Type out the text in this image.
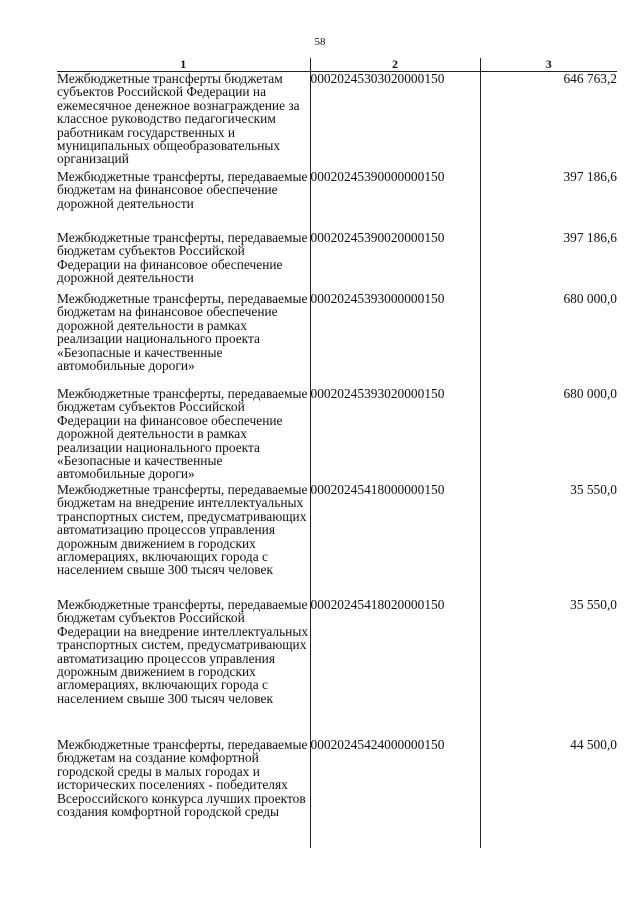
58
1	2	3
Межбюджетные трансферты бюджетам субъектов Российской Федерации на ежемесячное денежное вознаграждение за классное руководство педагогическим работникам государственных и муниципальных общеобразовательных организаций	00020245303020000150	646 763,2
Межбюджетные трансферты, передаваемые бюджетам на финансовое обеспечение дорожной деятельности	00020245390000000150	397 186,6
Межбюджетные трансферты, передаваемые бюджетам субъектов Российской Федерации на финансовое обеспечение дорожной деятельности	00020245390020000150	397 186,6
Межбюджетные трансферты, передаваемые бюджетам на финансовое обеспечение дорожной деятельности в рамках реализации национального проекта «Безопасные и качественные автомобильные дороги»	00020245393000000150	680 000,0
Межбюджетные трансферты, передаваемые бюджетам субъектов Российской Федерации на финансовое обеспечение дорожной деятельности в рамках реализации национального проекта «Безопасные и качественные автомобильные дороги»	00020245393020000150	680 000,0
Межбюджетные трансферты, передаваемые бюджетам на внедрение интеллектуальных транспортных систем, предусматривающих автоматизацию процессов управления дорожным движением в городских агломерациях, включающих города с населением свыше 300 тысяч человек	00020245418000000150	35 550,0
Межбюджетные трансферты, передаваемые бюджетам субъектов Российской Федерации на внедрение интеллектуальных транспортных систем, предусматривающих автоматизацию процессов управления дорожным движением в городских агломерациях, включающих города с населением свыше 300 тысяч человек	00020245418020000150	35 550,0
Межбюджетные трансферты, передаваемые бюджетам на создание комфортной городской среды в малых городах и исторических поселениях - победителях Всероссийского конкурса лучших проектов создания комфортной городской среды	00020245424000000150	44 500,0
